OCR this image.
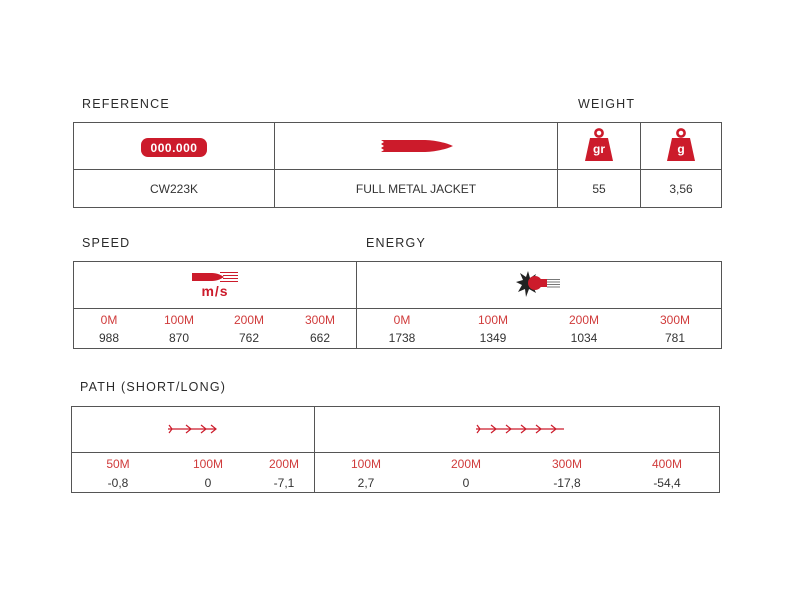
REFERENCE	WEIGHT
000.000	gr	g
CW223K	FULL METAL JACKET	55	3,56
SPEED	ENERGY
m/s
0M	100M	200M	300M
988	870	762	662
0M	100M	200M	300M
1738	1349	1034	781
PATH (SHORT/LONG)
50M	100M	200M
-0,8	0	-7,1
100M	200M	300M	400M
2,7	0	-17,8	-54,4
